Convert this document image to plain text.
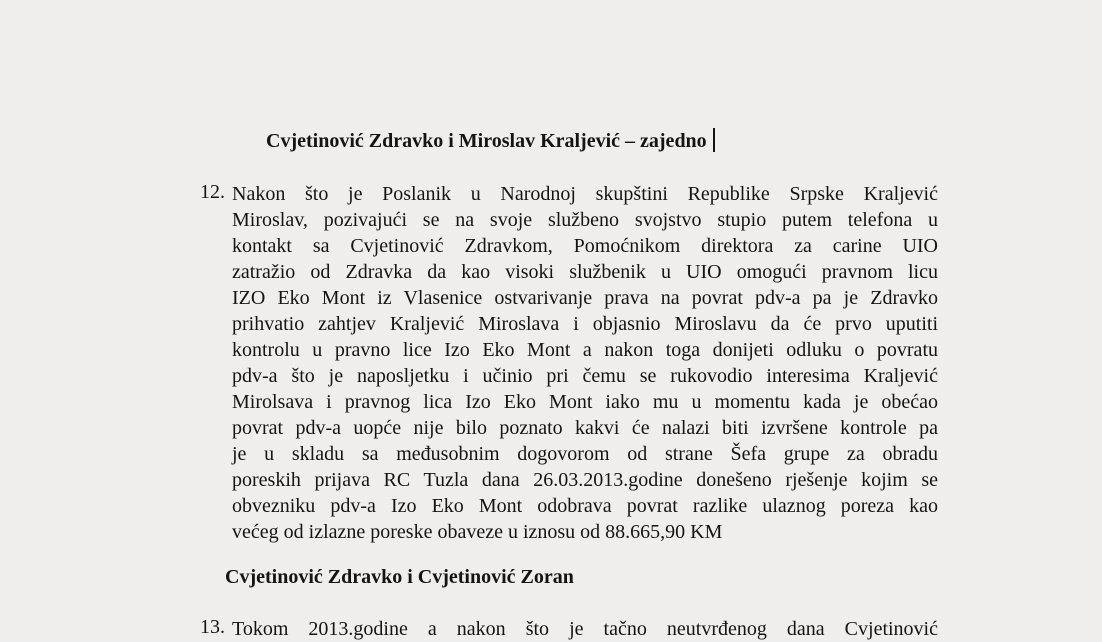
Cvjetinović Zdravko i Miroslav Kraljević – zajedno
12. Nakon što je Poslanik u Narodnoj skupštini Republike Srpske Kraljević
Miroslav, pozivajući se na svoje službeno svojstvo stupio putem telefona u
kontakt sa Cvjetinović Zdravkom, Pomoćnikom direktora za carine UIO
zatražio od Zdravka da kao visoki službenik u UIO omogući pravnom licu
IZO Eko Mont iz Vlasenice ostvarivanje prava na povrat pdv-a pa je Zdravko
prihvatio zahtjev Kraljević Miroslava i objasnio Miroslavu da će prvo uputiti
kontrolu u pravno lice Izo Eko Mont a nakon toga donijeti odluku o povratu
pdv-a što je naposljetku i učinio pri čemu se rukovodio interesima Kraljević
Mirolsava i pravnog lica Izo Eko Mont iako mu u momentu kada je obećao
povrat pdv-a uopće nije bilo poznato kakvi će nalazi biti izvršene kontrole pa
je u skladu sa međusobnim dogovorom od strane Šefa grupe za obradu
poreskih prijava RC Tuzla dana 26.03.2013.godine donešeno rješenje kojim se
obvezniku pdv-a Izo Eko Mont odobrava povrat razlike ulaznog poreza kao
većeg od izlazne poreske obaveze u iznosu od 88.665,90 KM
Cvjetinović Zdravko i Cvjetinović Zoran
13. Tokom 2013.godine a nakon što je tačno neutvrđenog dana Cvjetinović
